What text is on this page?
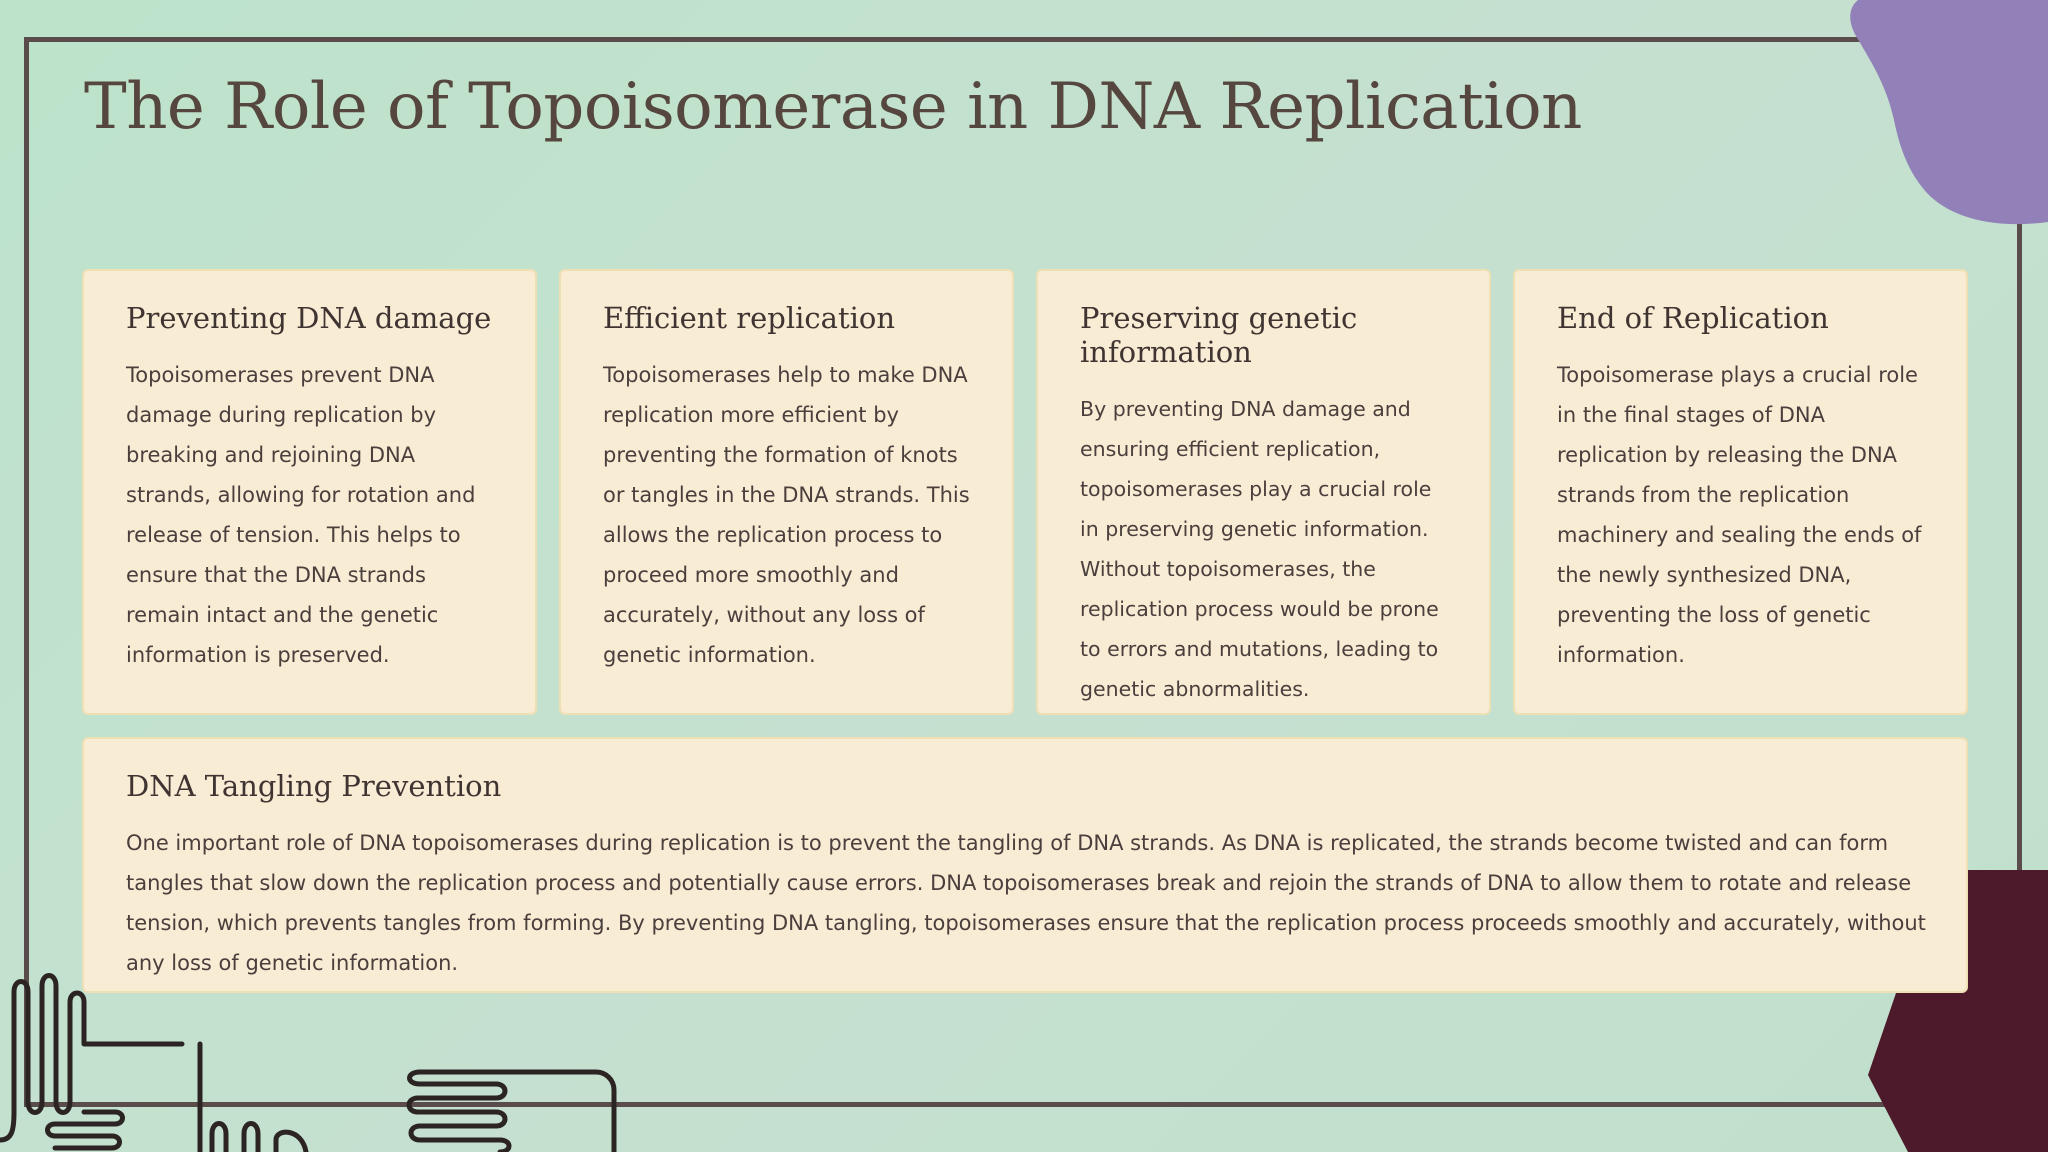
The Role of Topoisomerase in DNA Replication
Preventing DNA damage

Topoisomerases prevent DNA damage during replication by breaking and rejoining DNA strands, allowing for rotation and release of tension. This helps to ensure that the DNA strands remain intact and the genetic information is preserved.

Efficient replication

Topoisomerases help to make DNA replication more efficient by preventing the formation of knots or tangles in the DNA strands. This allows the replication process to proceed more smoothly and accurately, without any loss of genetic information.

Preserving genetic information

By preventing DNA damage and ensuring efficient replication, topoisomerases play a crucial role in preserving genetic information. Without topoisomerases, the replication process would be prone to errors and mutations, leading to genetic abnormalities.

End of Replication

Topoisomerase plays a crucial role in the final stages of DNA replication by releasing the DNA strands from the replication machinery and sealing the ends of the newly synthesized DNA, preventing the loss of genetic information.

DNA Tangling Prevention

One important role of DNA topoisomerases during replication is to prevent the tangling of DNA strands. As DNA is replicated, the strands become twisted and can form tangles that slow down the replication process and potentially cause errors. DNA topoisomerases break and rejoin the strands of DNA to allow them to rotate and release tension, which prevents tangles from forming. By preventing DNA tangling, topoisomerases ensure that the replication process proceeds smoothly and accurately, without any loss of genetic information.
